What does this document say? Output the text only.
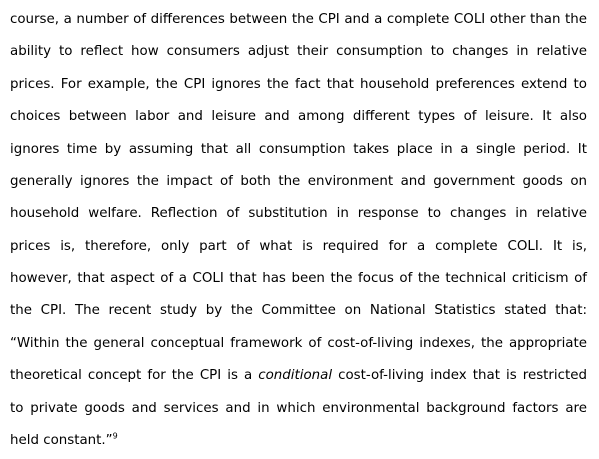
course, a number of differences between the CPI and a complete COLI other than the
ability to reflect how consumers adjust their consumption to changes in relative
prices. For example, the CPI ignores the fact that household preferences extend to
choices between labor and leisure and among different types of leisure. It also
ignores time by assuming that all consumption takes place in a single period. It
generally ignores the impact of both the environment and government goods on
household welfare. Reflection of substitution in response to changes in relative
prices is, therefore, only part of what is required for a complete COLI. It is,
however, that aspect of a COLI that has been the focus of the technical criticism of
the CPI. The recent study by the Committee on National Statistics stated that:
“Within the general conceptual framework of cost-of-living indexes, the appropriate
theoretical concept for the CPI is a conditional cost-of-living index that is restricted
to private goods and services and in which environmental background factors are
held constant.”$^9$
